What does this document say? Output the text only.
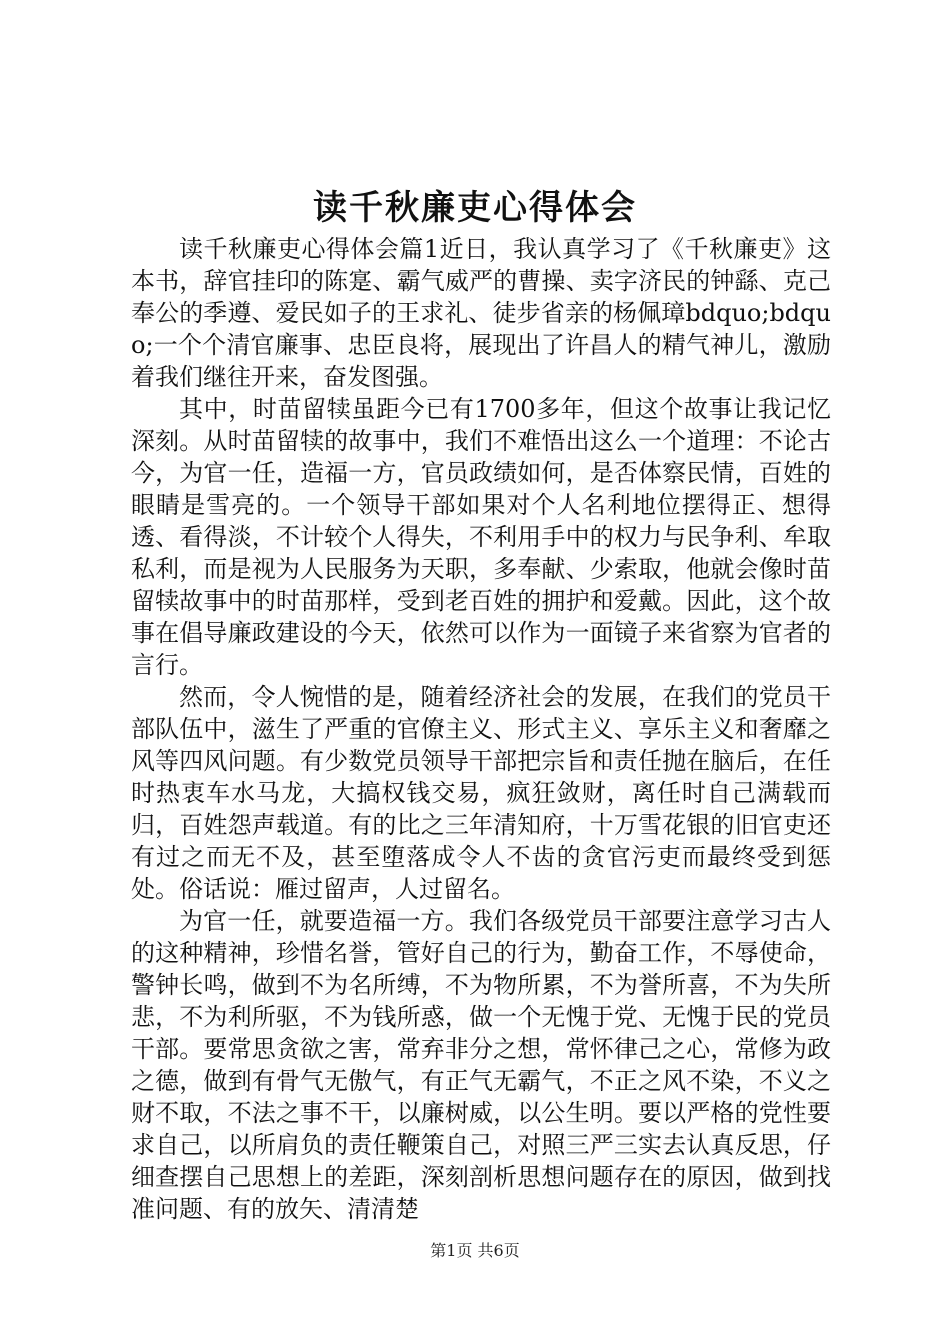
读千秋廉吏心得体会

读千秋廉吏心得体会篇1近日，我认真学习了《千秋廉吏》这本书，辞官挂印的陈寔、霸气威严的曹操、卖字济民的钟繇、克己奉公的季遵、爱民如子的王求礼、徒步省亲的杨佩璋bdquo;bdquo;一个个清官廉事、忠臣良将，展现出了许昌人的精气神儿，激励着我们继往开来，奋发图强。

其中，时苗留犊虽距今已有1700多年，但这个故事让我记忆深刻。从时苗留犊的故事中，我们不难悟出这么一个道理：不论古今，为官一任，造福一方，官员政绩如何，是否体察民情，百姓的眼睛是雪亮的。一个领导干部如果对个人名利地位摆得正、想得透、看得淡，不计较个人得失，不利用手中的权力与民争利、牟取私利，而是视为人民服务为天职，多奉献、少索取，他就会像时苗留犊故事中的时苗那样，受到老百姓的拥护和爱戴。因此，这个故事在倡导廉政建设的今天，依然可以作为一面镜子来省察为官者的言行。

然而，令人惋惜的是，随着经济社会的发展，在我们的党员干部队伍中，滋生了严重的官僚主义、形式主义、享乐主义和奢靡之风等四风问题。有少数党员领导干部把宗旨和责任抛在脑后，在任时热衷车水马龙，大搞权钱交易，疯狂敛财，离任时自己满载而归，百姓怨声载道。有的比之三年清知府，十万雪花银的旧官吏还有过之而无不及，甚至堕落成令人不齿的贪官污吏而最终受到惩处。俗话说：雁过留声，人过留名。

为官一任，就要造福一方。我们各级党员干部要注意学习古人的这种精神，珍惜名誉，管好自己的行为，勤奋工作，不辱使命，警钟长鸣，做到不为名所缚，不为物所累，不为誉所喜，不为失所悲，不为利所驱，不为钱所惑，做一个无愧于党、无愧于民的党员干部。要常思贪欲之害，常弃非分之想，常怀律己之心，常修为政之德，做到有骨气无傲气，有正气无霸气，不正之风不染，不义之财不取，不法之事不干，以廉树威，以公生明。要以严格的党性要求自己，以所肩负的责任鞭策自己，对照三严三实去认真反思，仔细查摆自己思想上的差距，深刻剖析思想问题存在的原因，做到找准问题、有的放矢、清清楚

第1页 共6页
